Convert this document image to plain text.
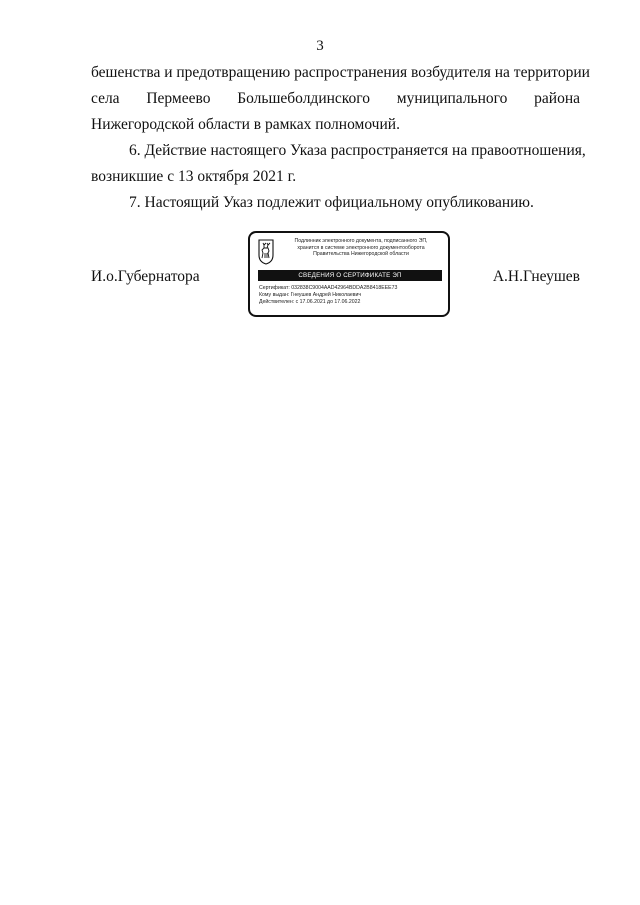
3
бешенства и предотвращению распространения возбудителя на территории
села Пермеево Большеболдинского муниципального района
Нижегородской области в рамках полномочий.
6. Действие настоящего Указа распространяется на правоотношения,
возникшие с 13 октября 2021 г.
7. Настоящий Указ подлежит официальному опубликованию.
И.о.Губернатора	А.Н.Гнеушев
Подлинник электронного документа, подписанного ЭП,
хранится в системе электронного документооборота
Правительства Нижегородской области
СВЕДЕНИЯ О СЕРТИФИКАТЕ ЭП
Сертификат: 032838C9004AAD42964BDDA2B8418EEE73
Кому выдан: Гнеушев Андрей Николаевич
Действителен: с 17.06.2021 до 17.06.2022
